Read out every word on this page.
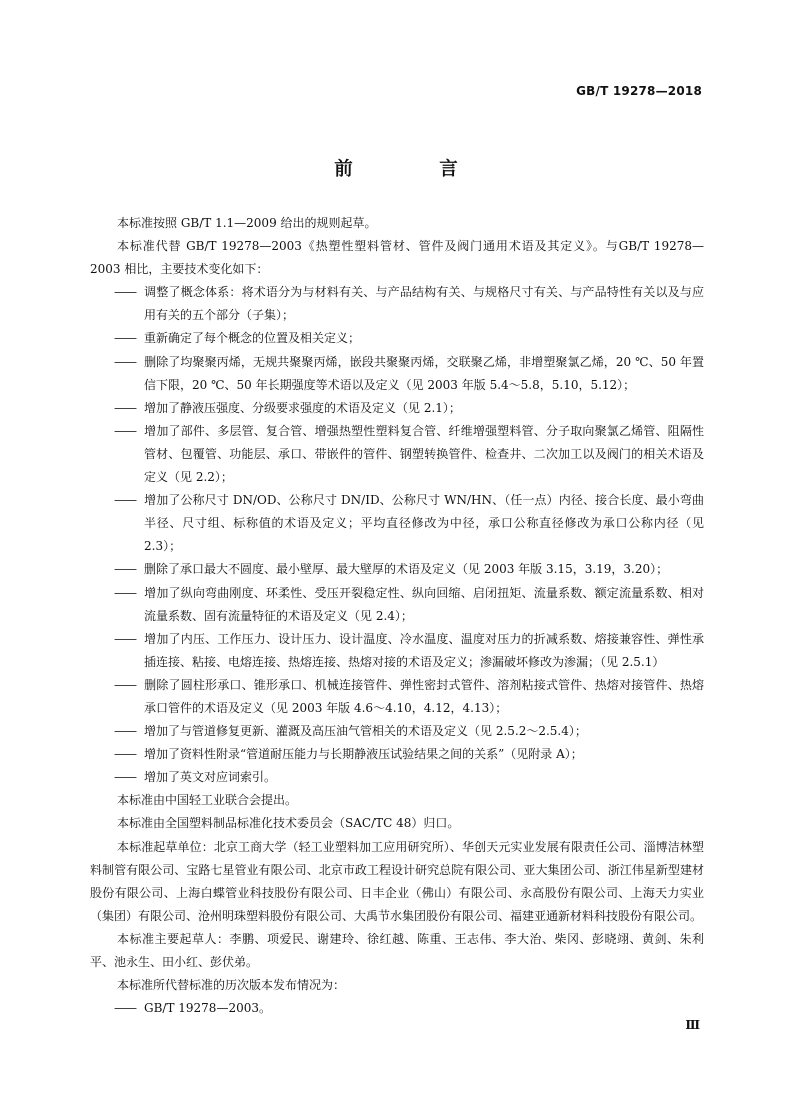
GB/T 19278—2018
前　言

本标准按照 GB/T 1.1—2009 给出的规则起草。

本标准代替 GB/T 19278—2003《热塑性塑料管材、管件及阀门通用术语及其定义》。与GB/T 19278—2003 相比，主要技术变化如下：

—— 调整了概念体系：将术语分为与材料有关、与产品结构有关、与规格尺寸有关、与产品特性有关以及与应用有关的五个部分（子集）；

—— 重新确定了每个概念的位置及相关定义；

—— 删除了均聚聚丙烯，无规共聚聚丙烯，嵌段共聚聚丙烯，交联聚乙烯，非增塑聚氯乙烯，20 ℃、50 年置信下限，20 ℃、50 年长期强度等术语以及定义（见 2003 年版 5.4～5.8，5.10，5.12）；

—— 增加了静液压强度、分级要求强度的术语及定义（见 2.1）；

—— 增加了部件、多层管、复合管、增强热塑性塑料复合管、纤维增强塑料管、分子取向聚氯乙烯管、阻隔性管材、包覆管、功能层、承口、带嵌件的管件、钢塑转换管件、检查井、二次加工以及阀门的相关术语及定义（见 2.2）；

—— 增加了公称尺寸 DN/OD、公称尺寸 DN/ID、公称尺寸 WN/HN、（任一点）内径、接合长度、最小弯曲半径、尺寸组、标称值的术语及定义；平均直径修改为中径，承口公称直径修改为承口公称内径（见 2.3）；

—— 删除了承口最大不圆度、最小壁厚、最大壁厚的术语及定义（见 2003 年版 3.15，3.19，3.20）；

—— 增加了纵向弯曲刚度、环柔性、受压开裂稳定性、纵向回缩、启闭扭矩、流量系数、额定流量系数、相对流量系数、固有流量特征的术语及定义（见 2.4）；

—— 增加了内压、工作压力、设计压力、设计温度、冷水温度、温度对压力的折减系数、熔接兼容性、弹性承插连接、粘接、电熔连接、热熔连接、热熔对接的术语及定义；渗漏破坏修改为渗漏；（见 2.5.1）

—— 删除了圆柱形承口、锥形承口、机械连接管件、弹性密封式管件、溶剂粘接式管件、热熔对接管件、热熔承口管件的术语及定义（见 2003 年版 4.6～4.10，4.12，4.13）；

—— 增加了与管道修复更新、灌溉及高压油气管相关的术语及定义（见 2.5.2～2.5.4）；

—— 增加了资料性附录“管道耐压能力与长期静液压试验结果之间的关系”（见附录 A）；

—— 增加了英文对应词索引。

本标准由中国轻工业联合会提出。

本标准由全国塑料制品标准化技术委员会（SAC/TC 48）归口。

本标准起草单位：北京工商大学（轻工业塑料加工应用研究所）、华创天元实业发展有限责任公司、淄博洁林塑料制管有限公司、宝路七星管业有限公司、北京市政工程设计研究总院有限公司、亚大集团公司、浙江伟星新型建材股份有限公司、上海白蝶管业科技股份有限公司、日丰企业（佛山）有限公司、永高股份有限公司、上海天力实业（集团）有限公司、沧州明珠塑料股份有限公司、大禹节水集团股份有限公司、福建亚通新材料科技股份有限公司。

本标准主要起草人：李鹏、项爱民、谢建玲、徐红越、陈重、王志伟、李大治、柴冈、彭晓翊、黄剑、朱利平、池永生、田小红、彭伏弟。

本标准所代替标准的历次版本发布情况为：

—— GB/T 19278—2003。

Ⅲ
